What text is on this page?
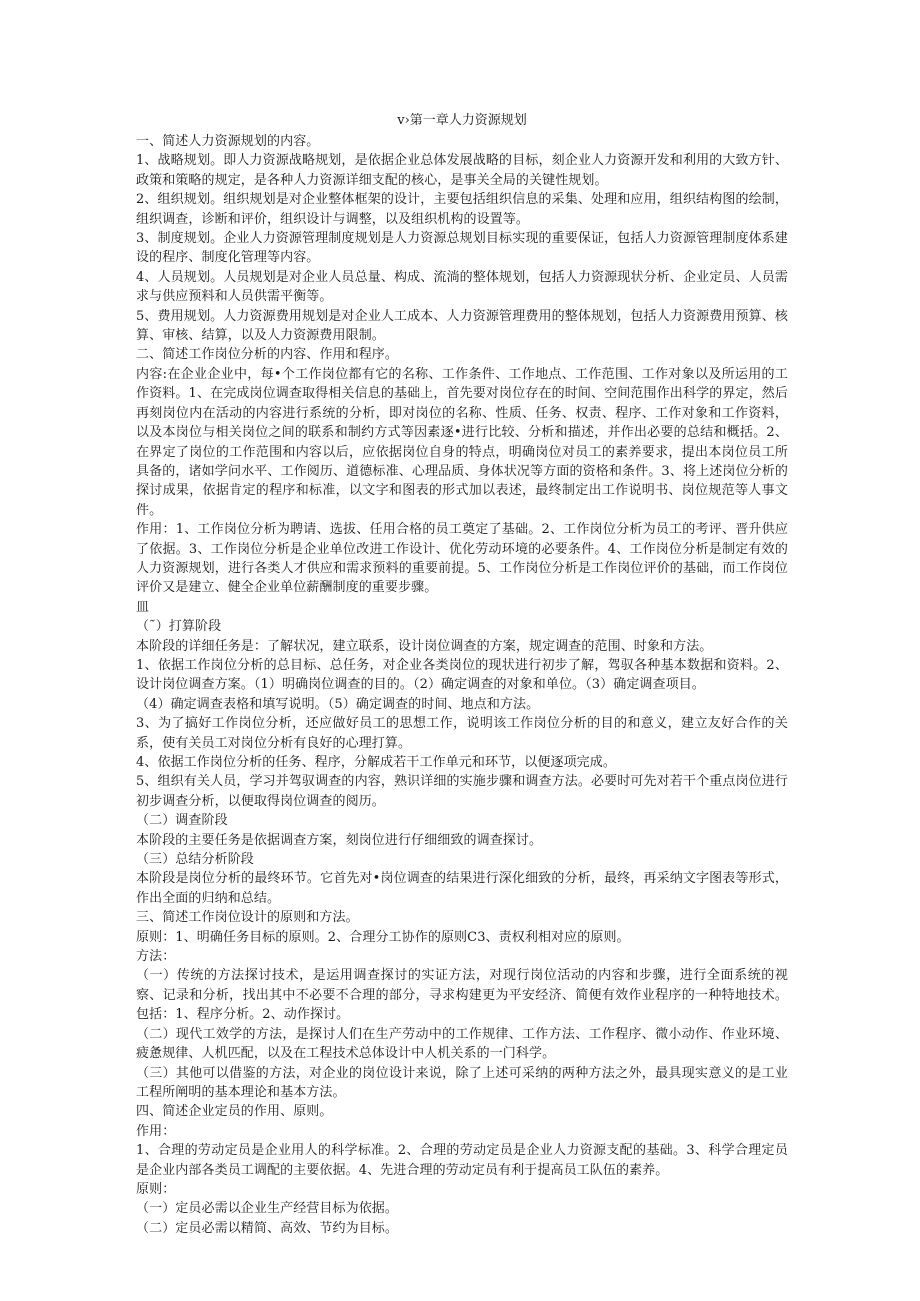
v›第一章人力资源规划

一、简述人力资源规划的内容。

1、战略规划。即人力资源战略规划，是依据企业总体发展战略的目标，刻企业人力资源开发和利用的大致方针、政策和策略的规定，是各种人力资源详细支配的核心，是事关全局的关键性规划。

2、组织规划。组织规划是对企业整体框架的设计，主要包括组织信息的采集、处理和应用，组织结构图的绘制，组织调查，诊断和评价，组织设计与调整，以及组织机构的设置等。

3、制度规划。企业人力资源管理制度规划是人力资源总规划目标实现的重要保证，包括人力资源管理制度体系建设的程序、制度化管理等内容。

4、人员规划。人员规划是对企业人员总量、构成、流淌的整体规划，包括人力资源现状分析、企业定员、人员需求与供应预料和人员供需平衡等。

5、费用规划。人力资源费用规划是对企业人工成本、人力资源管理费用的整体规划，包括人力资源费用预算、核算、审核、结算，以及人力资源费用限制。

二、简述工作岗位分析的内容、作用和程序。

内容:在企业企业中，每•个工作岗位都有它的名称、工作条件、工作地点、工作范围、工作对象以及所运用的工作资料。1、在完成岗位调查取得相关信息的基础上，首先要对岗位存在的时间、空间范围作出科学的界定，然后再刻岗位内在活动的内容进行系统的分析，即对岗位的名称、性质、任务、权责、程序、工作对象和工作资料，以及本岗位与相关岗位之间的联系和制约方式等因素逐•进行比较、分析和描述，并作出必要的总结和概括。2、在界定了岗位的工作范围和内容以后，应依据岗位自身的特点，明确岗位对员工的素养要求，提出本岗位员工所具备的，诸如学问水平、工作阅历、道德标准、心理品质、身体状况等方面的资格和条件。3、将上述岗位分析的探讨成果，依据肯定的程序和标准，以文字和图表的形式加以表述，最终制定出工作说明书、岗位规范等人事文件。

作用：1、工作岗位分析为聘请、选拔、任用合格的员工奠定了基础。2、工作岗位分析为员工的考评、晋升供应了依据。3、工作岗位分析是企业单位改进工作设计、优化劳动环境的必要条件。4、工作岗位分析是制定有效的人力资源规划，进行各类人才供应和需求预料的重要前提。5、工作岗位分析是工作岗位评价的基础，而工作岗位评价又是建立、健全企业单位薪酬制度的重要步骤。

皿

（˜）打算阶段

本阶段的详细任务是：了解状况，建立联系，设计岗位调查的方案，规定调查的范围、时象和方法。

1、依据工作岗位分析的总目标、总任务，对企业各类岗位的现状进行初步了解，驾驭各种基本数据和资料。2、设计岗位调查方案。（1）明确岗位调查的目的。（2）确定调查的对象和单位。（3）确定调查项目。

（4）确定调查表格和填写说明。（5）确定调查的时间、地点和方法。

3、为了搞好工作岗位分析，还应做好员工的思想工作，说明该工作岗位分析的目的和意义，建立友好合作的关系，使有关员工对岗位分析有良好的心理打算。

4、依据工作岗位分析的任务、程序，分解成若干工作单元和环节，以便逐项完成。

5、组织有关人员，学习并驾驭调查的内容，熟识详细的实施步骤和调查方法。必要时可先对若干个重点岗位进行初步调查分析，以便取得岗位调查的阅历。

（二）调查阶段

本阶段的主要任务是依据调查方案，刻岗位进行仔细细致的调查探讨。

（三）总结分析阶段

本阶段是岗位分析的最终环节。它首先对•岗位调查的结果进行深化细致的分析，最终，再采纳文字图表等形式，作出全面的归纳和总结。

三、简述工作岗位设计的原则和方法。

原则：1、明确任务目标的原则。2、合理分工协作的原则C3、责权利相对应的原则。

方法：

（一）传统的方法探讨技术，是运用调查探讨的实证方法，对现行岗位活动的内容和步骤，进行全面系统的视察、记录和分析，找出其中不必要不合理的部分，寻求构建更为平安经济、简便有效作业程序的一种特地技术。包括：1、程序分析。2、动作探讨。

（二）现代工效学的方法，是探讨人们在生产劳动中的工作规律、工作方法、工作程序、微小动作、作业环境、疲惫规律、人机匹配，以及在工程技术总体设计中人机关系的一门科学。

（三）其他可以借鉴的方法，对企业的岗位设计来说，除了上述可采纳的两种方法之外，最具现实意义的是工业工程所阐明的基本理论和基本方法。

四、简述企业定员的作用、原则。

作用：

1、合理的劳动定员是企业用人的科学标准。2、合理的劳动定员是企业人力资源支配的基础。3、科学合理定员是企业内部各类员工调配的主要依据。4、先进合理的劳动定员有利于提高员工队伍的素养。

原则：

（一）定员必需以企业生产经营目标为依据。

（二）定员必需以精简、高效、节约为目标。
